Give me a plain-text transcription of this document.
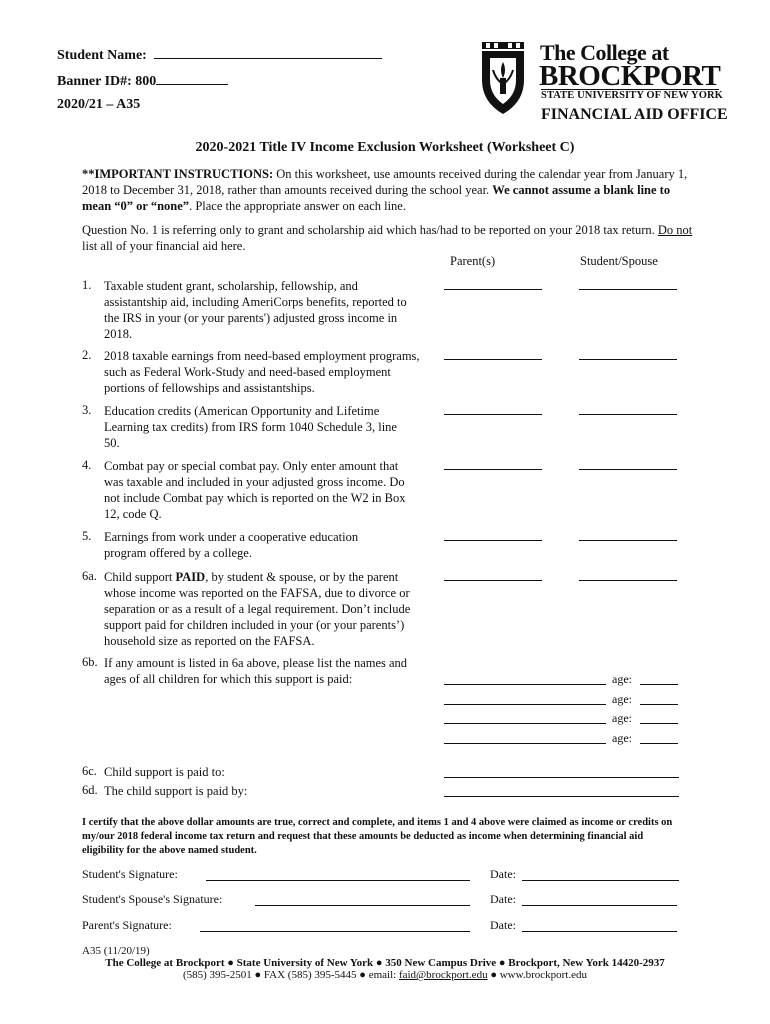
Student Name:
Banner ID#: 800
2020/21 – A35
The College at
BROCKPORT
STATE UNIVERSITY OF NEW YORK
FINANCIAL AID OFFICE
2020-2021 Title IV Income Exclusion Worksheet (Worksheet C)
**IMPORTANT INSTRUCTIONS: On this worksheet, use amounts received during the calendar year from January 1, 2018 to December 31, 2018, rather than amounts received during the school year. We cannot assume a blank line to mean “0” or “none”. Place the appropriate answer on each line.
Question No. 1 is referring only to grant and scholarship aid which has/had to be reported on your 2018 tax return. Do not list all of your financial aid here.
Parent(s)	Student/Spouse
1. Taxable student grant, scholarship, fellowship, and assistantship aid, including AmeriCorps benefits, reported to the IRS in your (or your parents') adjusted gross income in 2018.
2. 2018 taxable earnings from need-based employment programs, such as Federal Work-Study and need-based employment portions of fellowships and assistantships.
3. Education credits (American Opportunity and Lifetime Learning tax credits) from IRS form 1040 Schedule 3, line 50.
4. Combat pay or special combat pay. Only enter amount that was taxable and included in your adjusted gross income. Do not include Combat pay which is reported on the W2 in Box 12, code Q.
5. Earnings from work under a cooperative education program offered by a college.
6a. Child support PAID, by student & spouse, or by the parent whose income was reported on the FAFSA, due to divorce or separation or as a result of a legal requirement. Don’t include support paid for children included in your (or your parents’) household size as reported on the FAFSA.
6b. If any amount is listed in 6a above, please list the names and ages of all children for which this support is paid:	age:
age:
age:
age:
6c. Child support is paid to:
6d. The child support is paid by:
I certify that the above dollar amounts are true, correct and complete, and items 1 and 4 above were claimed as income or credits on my/our 2018 federal income tax return and request that these amounts be deducted as income when determining financial aid eligibility for the above named student.
Student's Signature:	Date:
Student's Spouse's Signature:	Date:
Parent's Signature:	Date:
A35 (11/20/19)
The College at Brockport ● State University of New York ● 350 New Campus Drive ● Brockport, New York 14420-2937
(585) 395-2501 ● FAX (585) 395-5445 ● email: faid@brockport.edu ● www.brockport.edu
